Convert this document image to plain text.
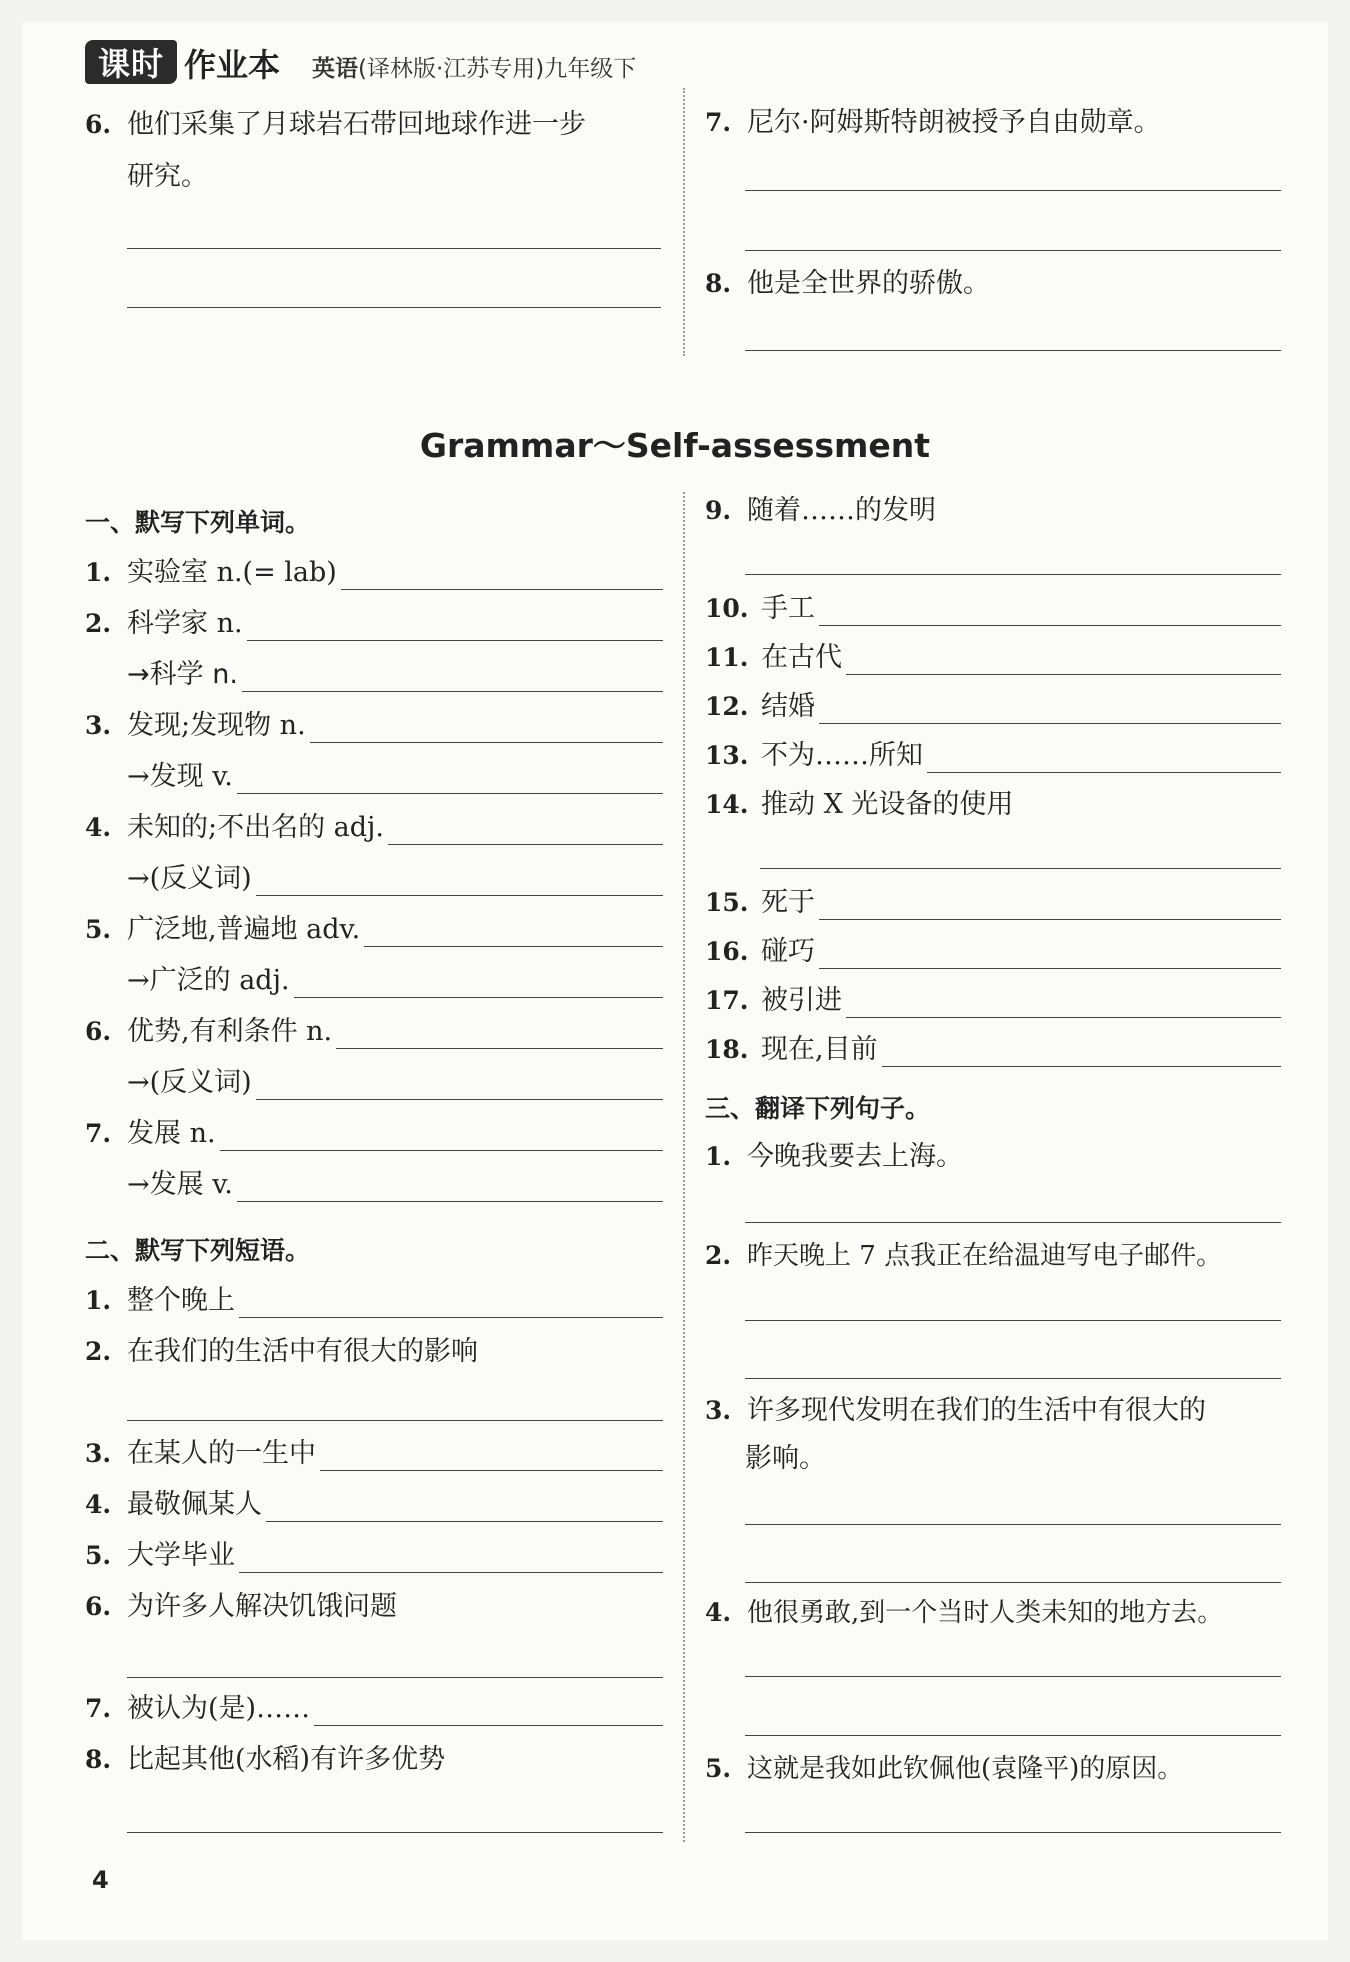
课时 作业本 英语(译林版·江苏专用)九年级下
6. 他们采集了月球岩石带回地球作进一步
研究。
7. 尼尔·阿姆斯特朗被授予自由勋章。
8. 他是全世界的骄傲。
Grammar～Self-assessment
一、默写下列单词。
1. 实验室 n.(= lab)
2. 科学家 n.
→科学 n.
3. 发现;发现物 n.
→发现 v.
4. 未知的;不出名的 adj.
→(反义词)
5. 广泛地,普遍地 adv.
→广泛的 adj.
6. 优势,有利条件 n.
→(反义词)
7. 发展 n.
→发展 v.
二、默写下列短语。
1. 整个晚上
2. 在我们的生活中有很大的影响
3. 在某人的一生中
4. 最敬佩某人
5. 大学毕业
6. 为许多人解决饥饿问题
7. 被认为(是)……
8. 比起其他(水稻)有许多优势
9. 随着……的发明
10. 手工
11. 在古代
12. 结婚
13. 不为……所知
14. 推动 X 光设备的使用
15. 死于
16. 碰巧
17. 被引进
18. 现在,目前
三、翻译下列句子。
1. 今晚我要去上海。
2. 昨天晚上 7 点我正在给温迪写电子邮件。
3. 许多现代发明在我们的生活中有很大的
影响。
4. 他很勇敢,到一个当时人类未知的地方去。
5. 这就是我如此钦佩他(袁隆平)的原因。
4
